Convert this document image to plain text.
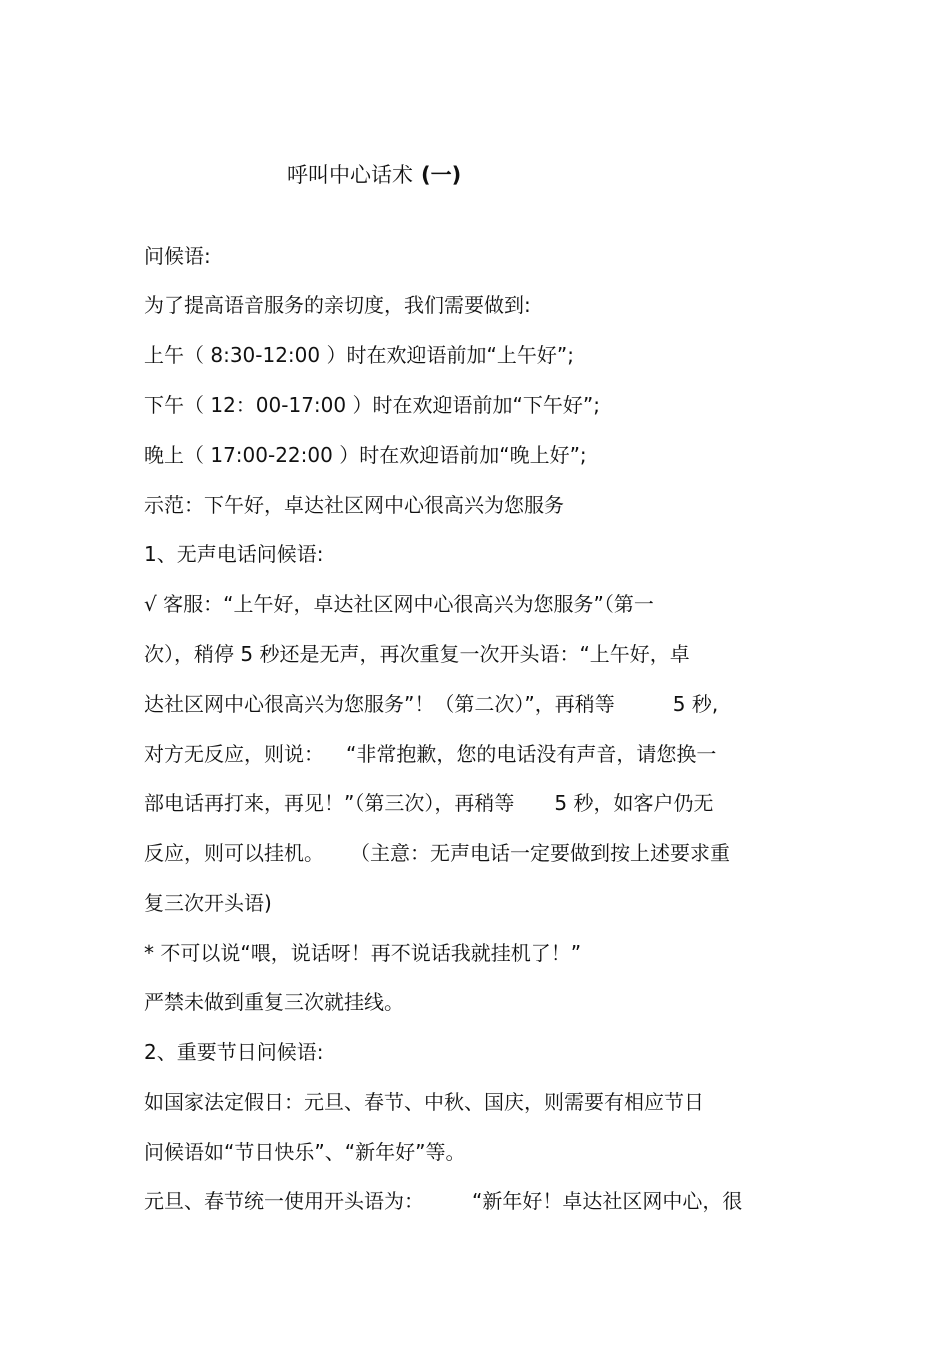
呼叫中心话术 (一)
问候语:
为了提高语音服务的亲切度，我们需要做到:
上午（ 8:30-12:00 ）时在欢迎语前加“上午好”;
下午（ 12：00-17:00 ）时在欢迎语前加“下午好”;
晚上（ 17:00-22:00 ）时在欢迎语前加“晚上好”;
示范：下午好，卓达社区网中心很高兴为您服务
1、无声电话问候语:
√ 客服：“上午好，卓达社区网中心很高兴为您服务”（第一
次），稍停 5 秒还是无声，再次重复一次开头语：“上午好，卓
达社区网中心很高兴为您服务”！（第二次）”，再稍等	5 秒,
对方无反应，则说： “非常抱歉，您的电话没有声音，请您换一
部电话再打来，再见！”（第三次），再稍等 5 秒，如客户仍无
反应，则可以挂机。 （主意：无声电话一定要做到按上述要求重
复三次开头语)
* 不可以说“喂，说话呀！再不说话我就挂机了！”
严禁未做到重复三次就挂线。
2、重要节日问候语:
如国家法定假日：元旦、春节、中秋、国庆，则需要有相应节日
问候语如“节日快乐”、“新年好”等。
元旦、春节统一使用开头语为： “新年好！卓达社区网中心，很
